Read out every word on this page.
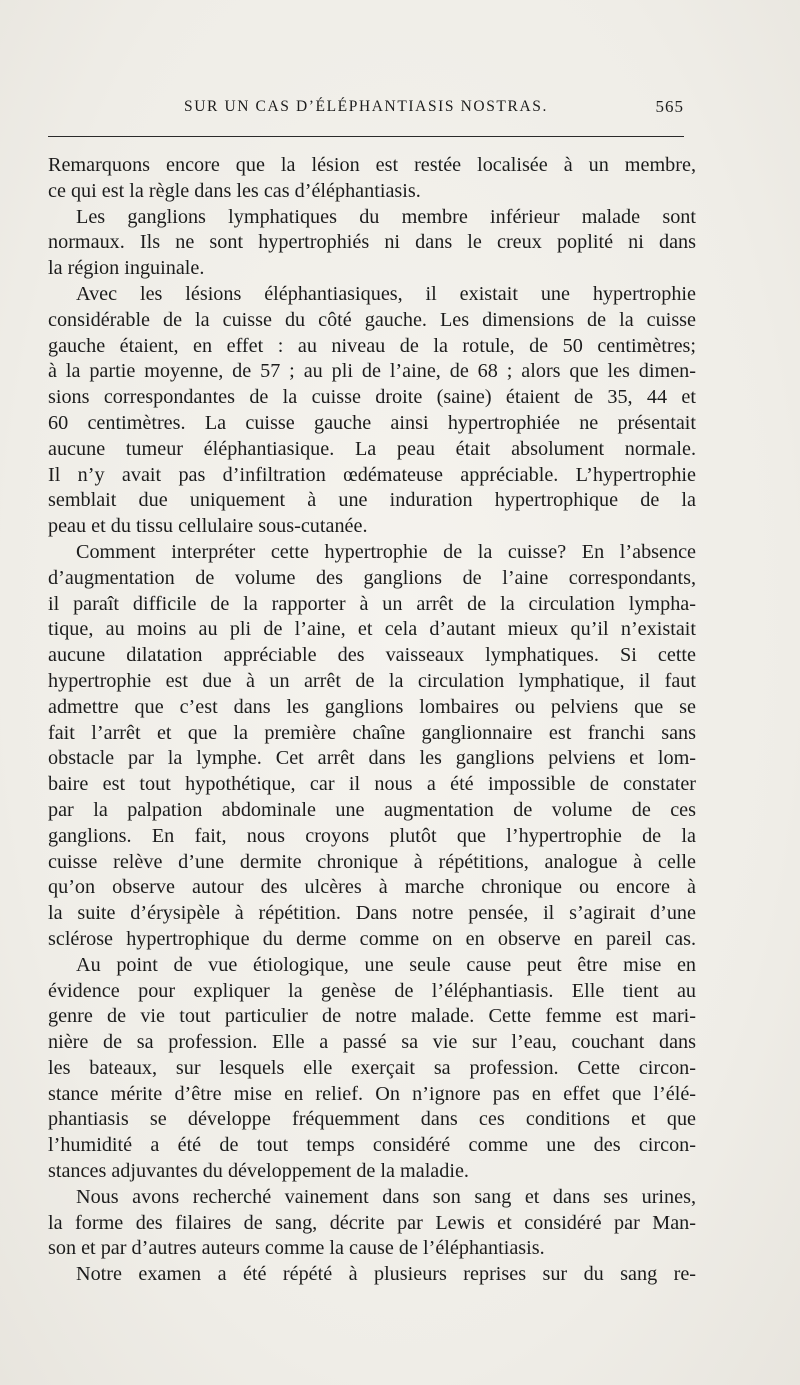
SUR UN CAS D’ÉLÉPHANTIASIS NOSTRAS.	565
Remarquons encore que la lésion est restée localisée à un membre,
ce qui est la règle dans les cas d’éléphantiasis.
Les ganglions lymphatiques du membre inférieur malade sont
normaux. Ils ne sont hypertrophiés ni dans le creux poplité ni dans
la région inguinale.
Avec les lésions éléphantiasiques, il existait une hypertrophie
considérable de la cuisse du côté gauche. Les dimensions de la cuisse
gauche étaient, en effet : au niveau de la rotule, de 50 centimètres;
à la partie moyenne, de 57 ; au pli de l’aine, de 68 ; alors que les dimen-
sions correspondantes de la cuisse droite (saine) étaient de 35, 44 et
60 centimètres. La cuisse gauche ainsi hypertrophiée ne présentait
aucune tumeur éléphantiasique. La peau était absolument normale.
Il n’y avait pas d’infiltration œdémateuse appréciable. L’hypertrophie
semblait due uniquement à une induration hypertrophique de la
peau et du tissu cellulaire sous-cutanée.
Comment interpréter cette hypertrophie de la cuisse? En l’absence
d’augmentation de volume des ganglions de l’aine correspondants,
il paraît difficile de la rapporter à un arrêt de la circulation lympha-
tique, au moins au pli de l’aine, et cela d’autant mieux qu’il n’existait
aucune dilatation appréciable des vaisseaux lymphatiques. Si cette
hypertrophie est due à un arrêt de la circulation lymphatique, il faut
admettre que c’est dans les ganglions lombaires ou pelviens que se
fait l’arrêt et que la première chaîne ganglionnaire est franchi sans
obstacle par la lymphe. Cet arrêt dans les ganglions pelviens et lom-
baire est tout hypothétique, car il nous a été impossible de constater
par la palpation abdominale une augmentation de volume de ces
ganglions. En fait, nous croyons plutôt que l’hypertrophie de la
cuisse relève d’une dermite chronique à répétitions, analogue à celle
qu’on observe autour des ulcères à marche chronique ou encore à
la suite d’érysipèle à répétition. Dans notre pensée, il s’agirait d’une
sclérose hypertrophique du derme comme on en observe en pareil cas.
Au point de vue étiologique, une seule cause peut être mise en
évidence pour expliquer la genèse de l’éléphantiasis. Elle tient au
genre de vie tout particulier de notre malade. Cette femme est mari-
nière de sa profession. Elle a passé sa vie sur l’eau, couchant dans
les bateaux, sur lesquels elle exerçait sa profession. Cette circon-
stance mérite d’être mise en relief. On n’ignore pas en effet que l’élé-
phantiasis se développe fréquemment dans ces conditions et que
l’humidité a été de tout temps considéré comme une des circon-
stances adjuvantes du développement de la maladie.
Nous avons recherché vainement dans son sang et dans ses urines,
la forme des filaires de sang, décrite par Lewis et considéré par Man-
son et par d’autres auteurs comme la cause de l’éléphantiasis.
Notre examen a été répété à plusieurs reprises sur du sang re-
